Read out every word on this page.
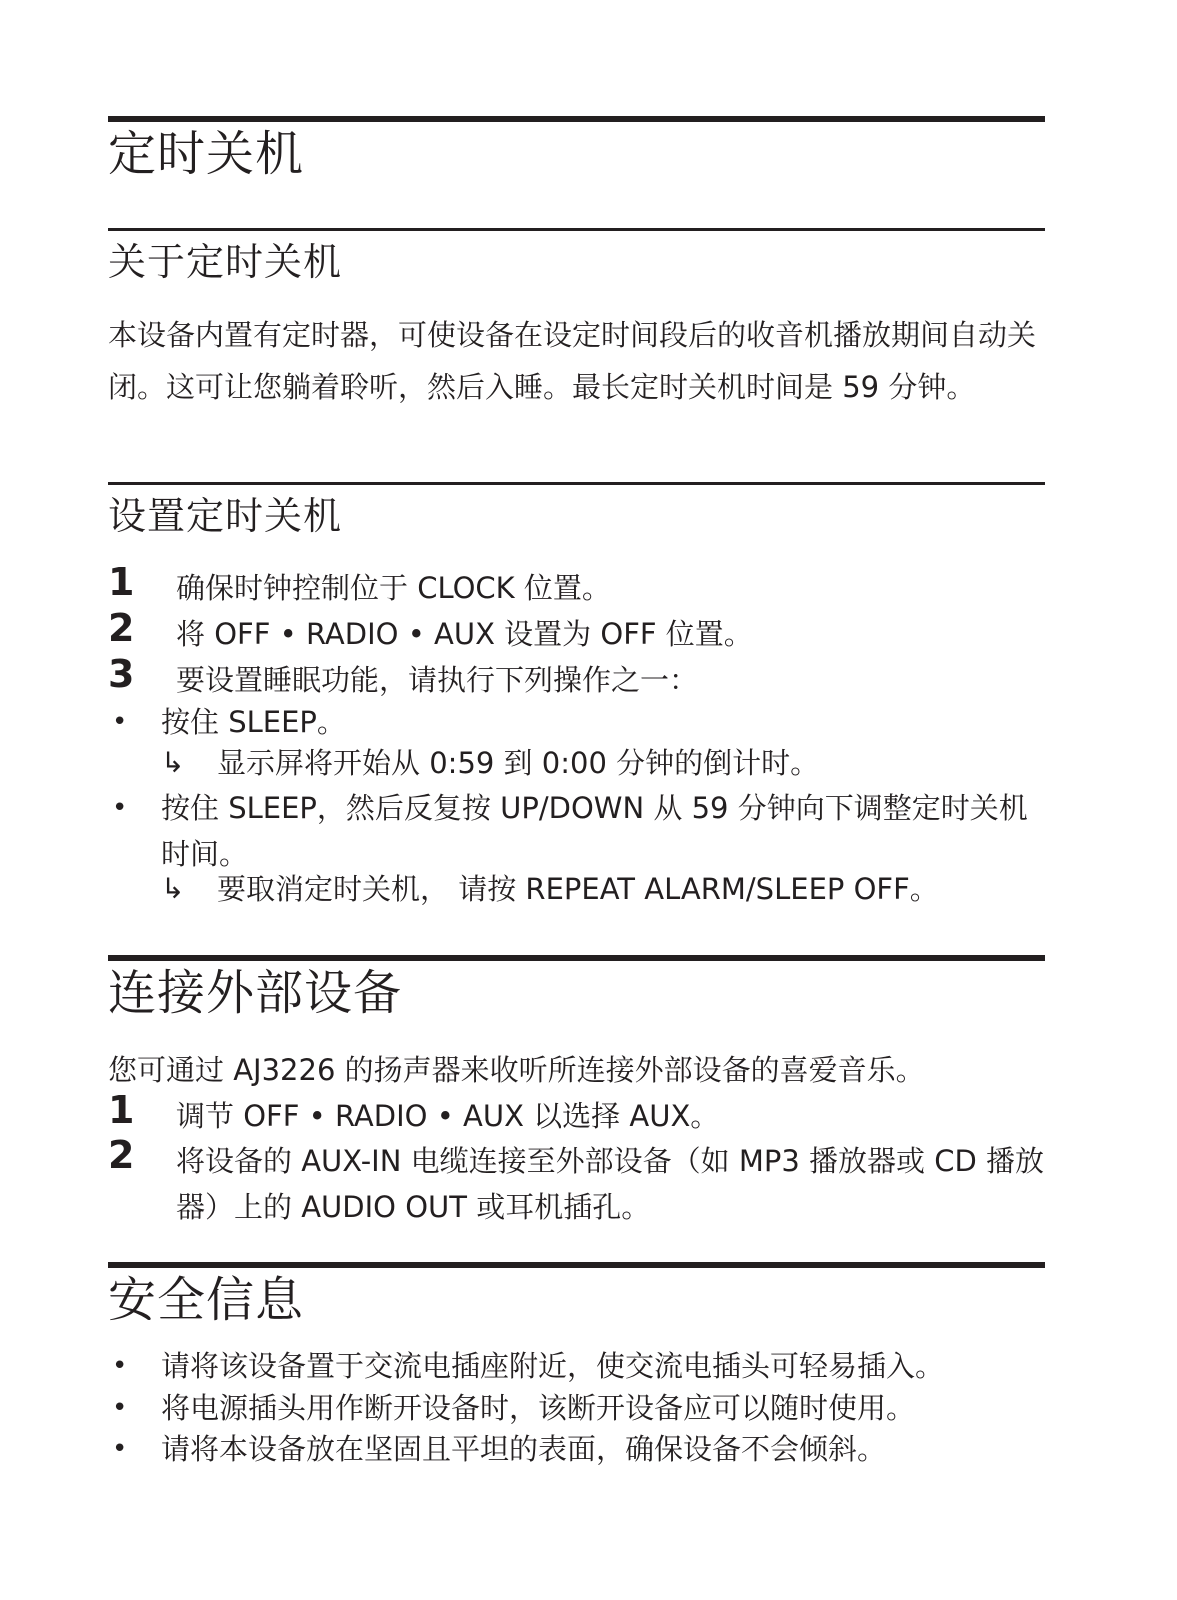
定时关机
关于定时关机
本设备内置有定时器，可使设备在设定时间段后的收音机播放期间自动关闭。这可让您躺着聆听，然后入睡。最长定时关机时间是 59 分钟。
设置定时关机
1 确保时钟控制位于 CLOCK 位置。
2 将 OFF • RADIO • AUX 设置为 OFF 位置。
3 要设置睡眠功能，请执行下列操作之一：
• 按住 SLEEP。
↳ 显示屏将开始从 0:59 到 0:00 分钟的倒计时。
• 按住 SLEEP，然后反复按 UP/DOWN 从 59 分钟向下调整定时关机时间。
↳ 要取消定时关机， 请按 REPEAT ALARM/SLEEP OFF。
连接外部设备
您可通过 AJ3226 的扬声器来收听所连接外部设备的喜爱音乐。
1 调节 OFF • RADIO • AUX 以选择 AUX。
2 将设备的 AUX-IN 电缆连接至外部设备（如 MP3 播放器或 CD 播放器）上的 AUDIO OUT 或耳机插孔。
安全信息
• 请将该设备置于交流电插座附近，使交流电插头可轻易插入。
• 将电源插头用作断开设备时，该断开设备应可以随时使用。
• 请将本设备放在坚固且平坦的表面，确保设备不会倾斜。
